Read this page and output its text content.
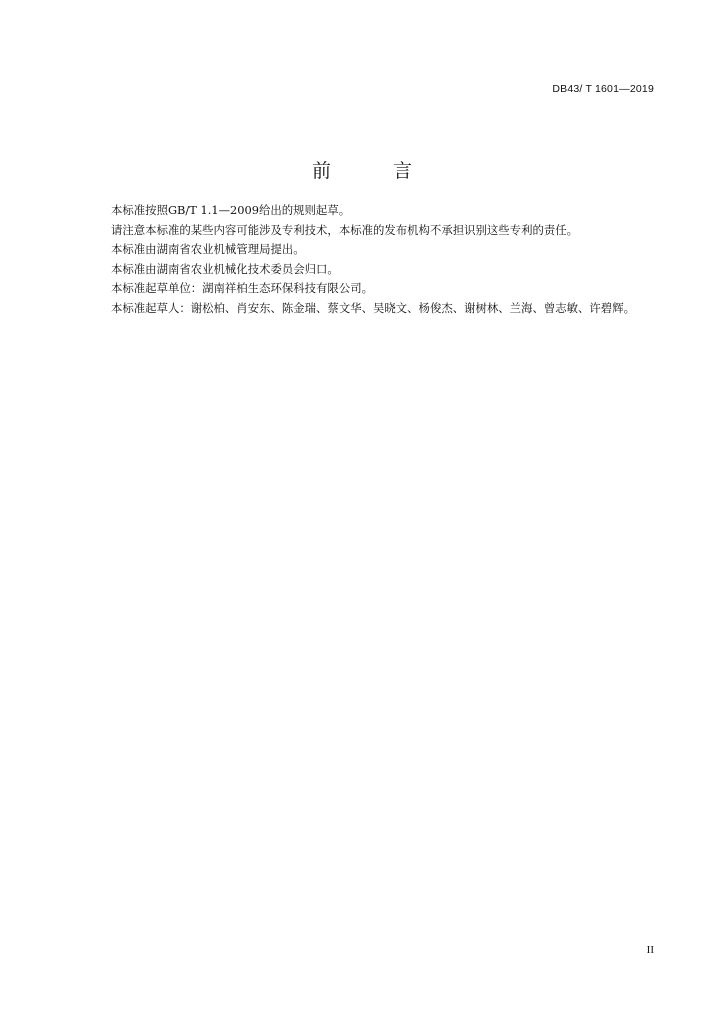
DB43/ T 1601—2019
前 言

本标准按照GB/T 1.1—2009给出的规则起草。

请注意本标准的某些内容可能涉及专利技术，本标准的发布机构不承担识别这些专利的责任。

本标准由湖南省农业机械管理局提出。

本标准由湖南省农业机械化技术委员会归口。

本标准起草单位：湖南祥柏生态环保科技有限公司。

本标准起草人：谢松柏、肖安东、陈金瑞、蔡文华、吴晓文、杨俊杰、谢树林、兰海、曾志敏、许碧辉。

II
